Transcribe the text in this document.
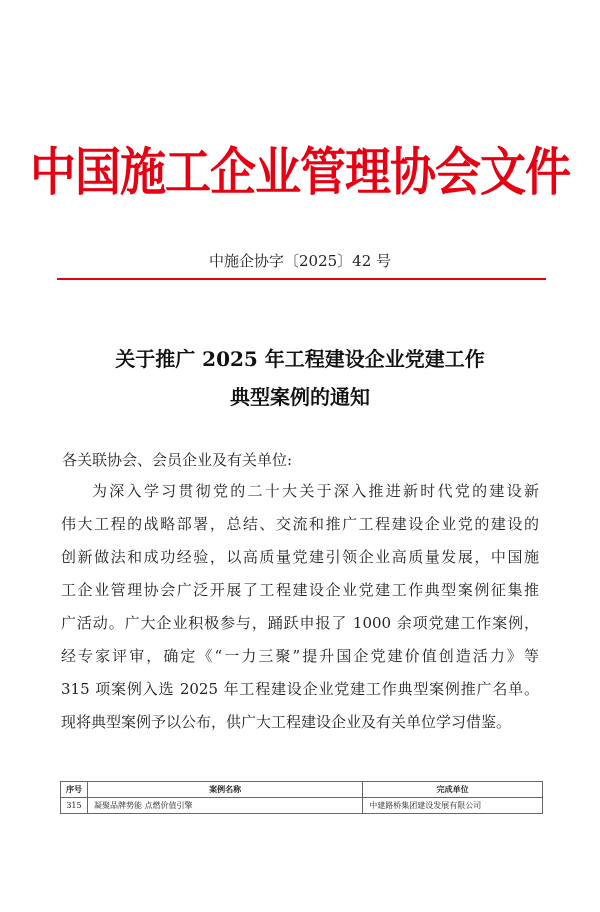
中国施工企业管理协会文件
中施企协字〔2025〕42 号
关于推广 2025 年工程建设企业党建工作
典型案例的通知
各关联协会、会员企业及有关单位:
为深入学习贯彻党的二十大关于深入推进新时代党的建设新
伟大工程的战略部署，总结、交流和推广工程建设企业党的建设的
创新做法和成功经验，以高质量党建引领企业高质量发展，中国施
工企业管理协会广泛开展了工程建设企业党建工作典型案例征集推
广活动。广大企业积极参与，踊跃申报了 1000 余项党建工作案例，
经专家评审，确定《“一力三聚”提升国企党建价值创造活力》等
315 项案例入选 2025 年工程建设企业党建工作典型案例推广名单。
现将典型案例予以公布，供广大工程建设企业及有关单位学习借鉴。
序号	案例名称	完成单位
315	凝聚品牌势能 点燃价值引擎	中建路桥集团建设发展有限公司
